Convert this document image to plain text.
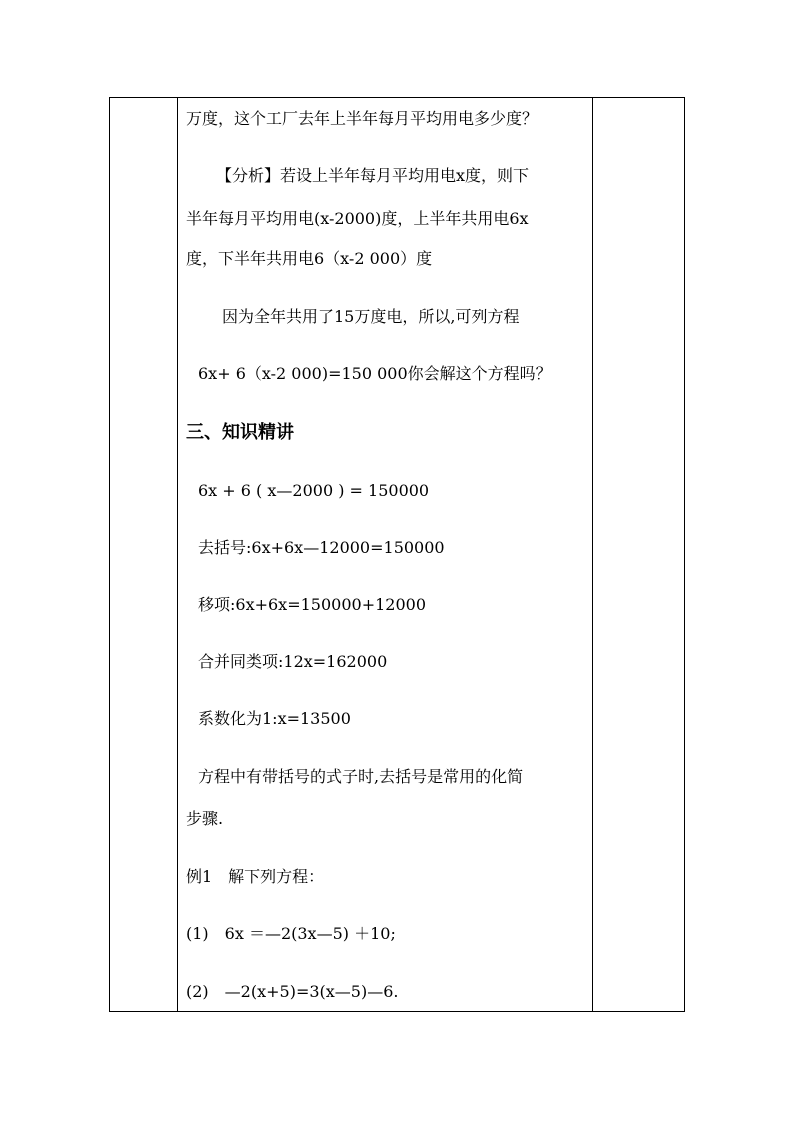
万度，这个工厂去年上半年每月平均用电多少度？
【分析】若设上半年每月平均用电x度，则下
半年每月平均用电(x-2000)度，上半年共用电6x
度，下半年共用电6（x-2 000）度
因为全年共用了15万度电，所以,可列方程
6x+ 6（x-2 000)=150 000你会解这个方程吗？
三、知识精讲
6x + 6 ( x—2000 ) = 150000
去括号:6x+6x—12000=150000
移项:6x+6x=150000+12000
合并同类项:12x=162000
系数化为1:x=13500
方程中有带括号的式子时,去括号是常用的化简
步骤.
例1　解下列方程：
(1)　6x ＝—2(3x—5) ＋10;
(2)　—2(x+5)=3(x—5)—6.
